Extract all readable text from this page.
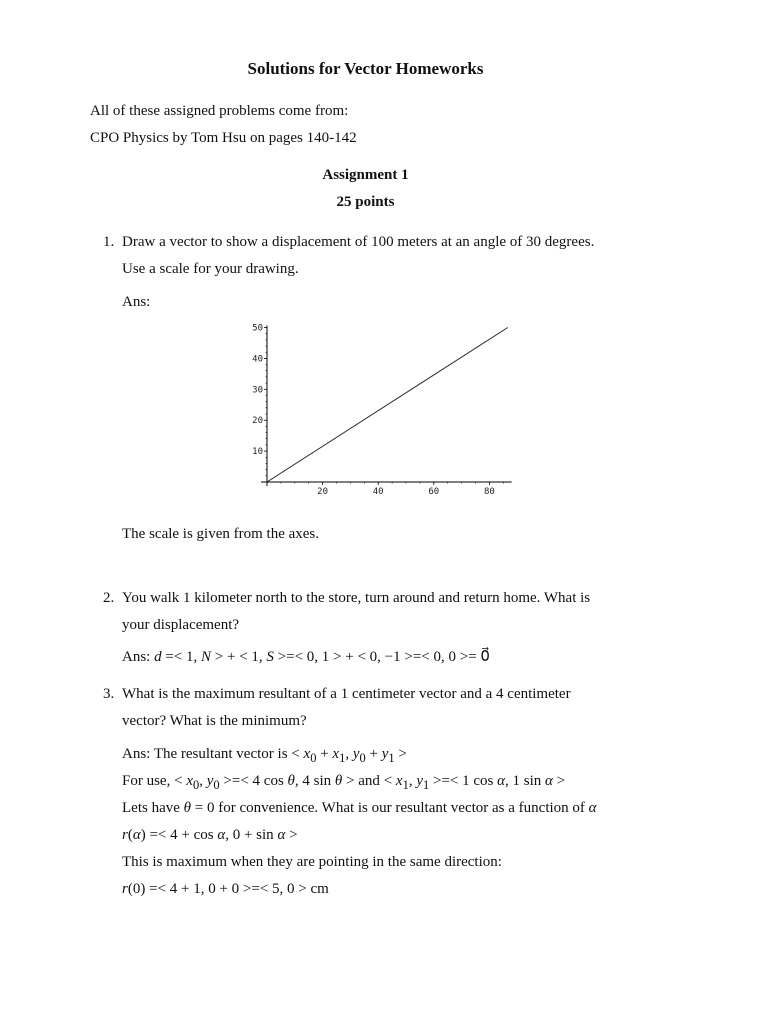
Solutions for Vector Homeworks
All of these assigned problems come from:
CPO Physics by Tom Hsu on pages 140-142
Assignment 1
25 points
1. Draw a vector to show a displacement of 100 meters at an angle of 30 degrees.
Use a scale for your drawing.
Ans:
20	40	60	80
10
20
30
40
50
The scale is given from the axes.
2. You walk 1 kilometer north to the store, turn around and return home. What is
your displacement?
Ans: d =< 1, N > + < 1, S >=< 0, 1 > + < 0, −1 >=< 0, 0 >= 0⃗
3. What is the maximum resultant of a 1 centimeter vector and a 4 centimeter
vector? What is the minimum?
Ans: The resultant vector is < $x_0 + x_1$, $y_0 + y_1$ >
For use, < $x_0$, $y_0$ >=< 4 cos θ, 4 sin θ > and < $x_1$, $y_1$ >=< 1 cos α, 1 sin α >
Lets have θ = 0 for convenience. What is our resultant vector as a function of α
r(α) =< 4 + cos α, 0 + sin α >
This is maximum when they are pointing in the same direction:
r(0) =< 4 + 1, 0 + 0 >=< 5, 0 > cm
